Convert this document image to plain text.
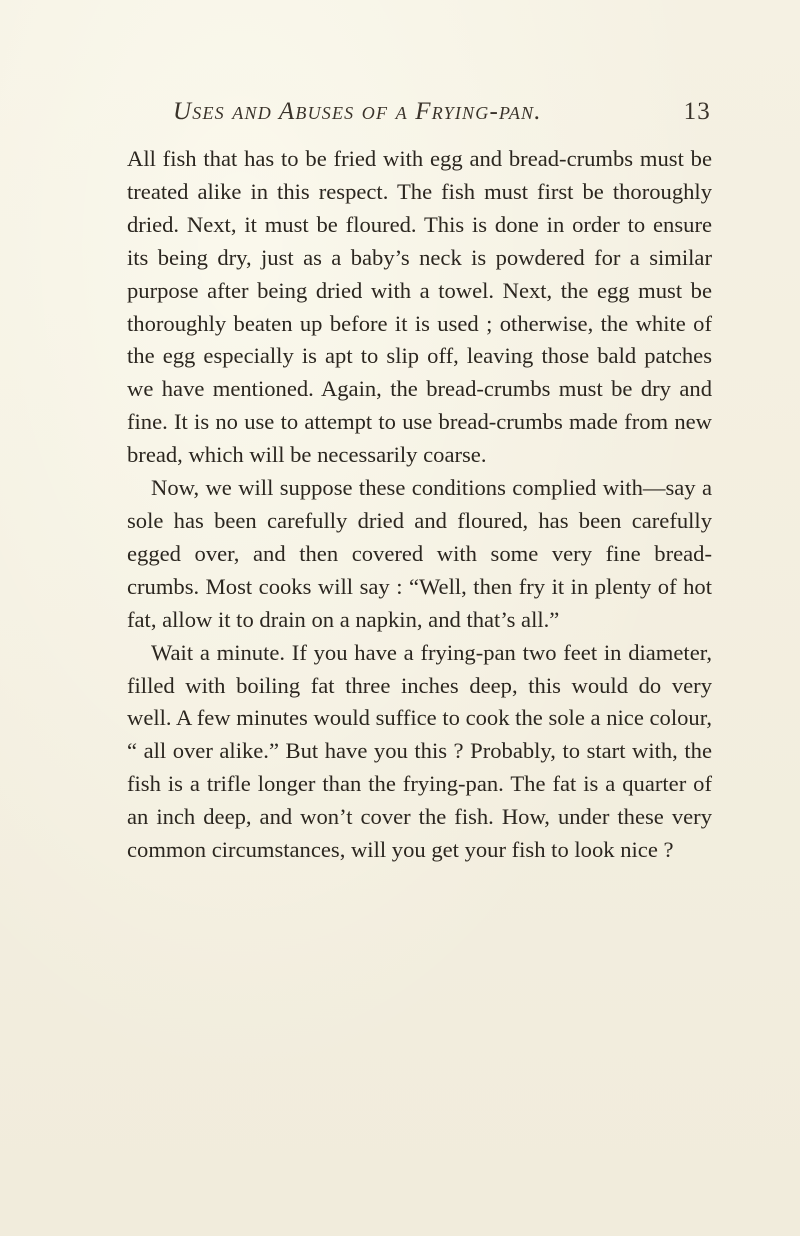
Uses and Abuses of a Frying-pan.	13

All fish that has to be fried with egg and bread-crumbs must be treated alike in this respect. The fish must first be thoroughly dried. Next, it must be floured. This is done in order to ensure its being dry, just as a baby’s neck is powdered for a similar purpose after being dried with a towel. Next, the egg must be thoroughly beaten up before it is used ; otherwise, the white of the egg especially is apt to slip off, leaving those bald patches we have mentioned. Again, the bread-crumbs must be dry and fine. It is no use to attempt to use bread-crumbs made from new bread, which will be necessarily coarse.

Now, we will suppose these conditions complied with—say a sole has been carefully dried and floured, has been carefully egged over, and then covered with some very fine bread-crumbs. Most cooks will say : “Well, then fry it in plenty of hot fat, allow it to drain on a napkin, and that’s all.”

Wait a minute. If you have a frying-pan two feet in diameter, filled with boiling fat three inches deep, this would do very well. A few minutes would suffice to cook the sole a nice colour, “ all over alike.” But have you this ? Probably, to start with, the fish is a trifle longer than the frying-pan. The fat is a quarter of an inch deep, and won’t cover the fish. How, under these very common circumstances, will you get your fish to look nice ?
